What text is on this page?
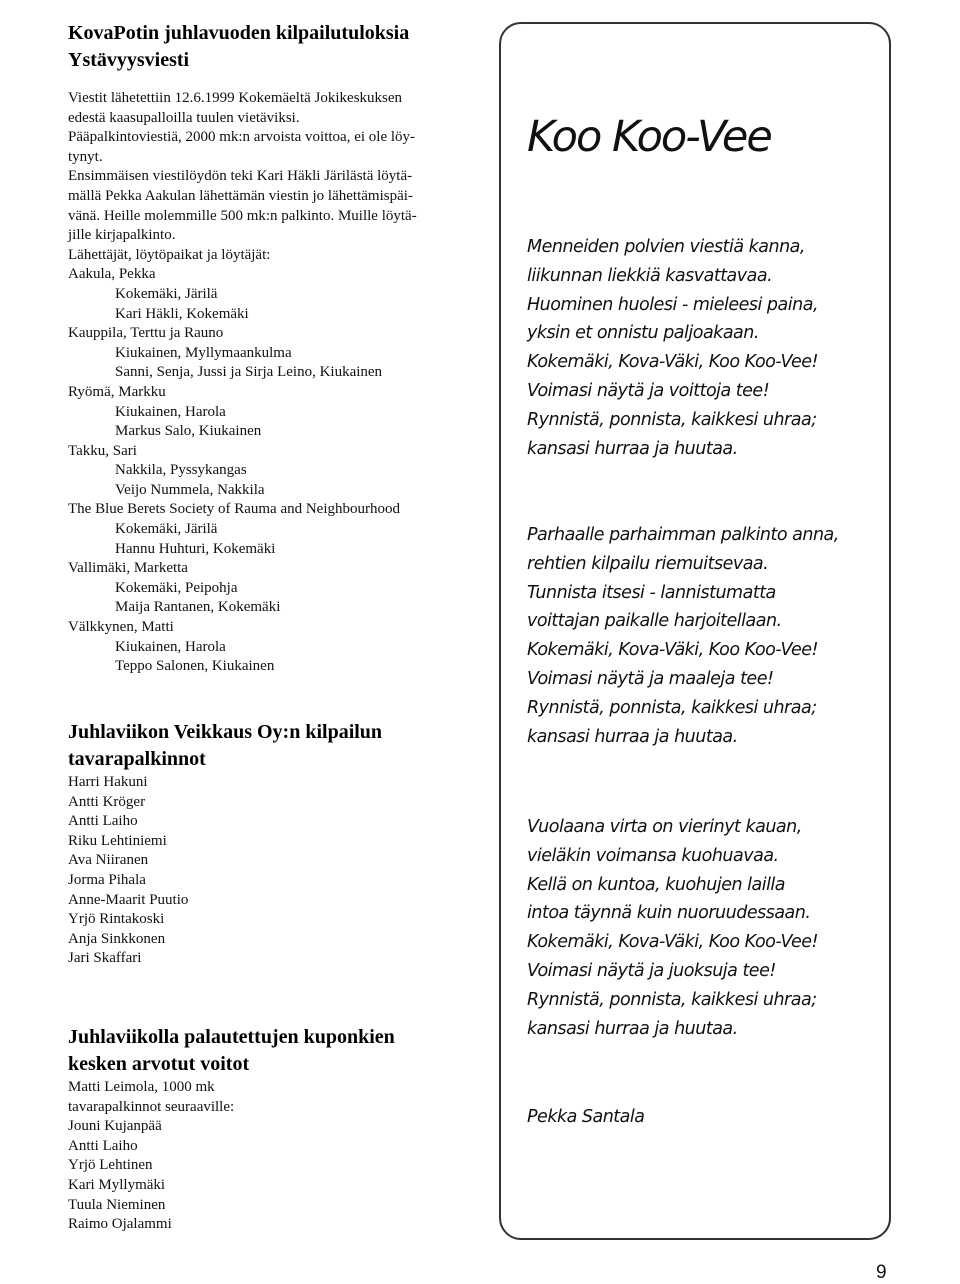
KovaPotin juhlavuoden kilpailutuloksia
Ystävyysviesti
Viestit lähetettiin 12.6.1999 Kokemäeltä Jokikeskuksen
edestä kaasupalloilla tuulen vietäviksi.
Pääpalkintoviestiä, 2000 mk:n arvoista voittoa, ei ole löy-
tynyt.
Ensimmäisen viestilöydön teki Kari Häkli Järilästä löytä-
mällä Pekka Aakulan lähettämän viestin jo lähettämispäi-
vänä. Heille molemmille 500 mk:n palkinto. Muille löytä-
jille kirjapalkinto.
Lähettäjät, löytöpaikat ja löytäjät:
Aakula, Pekka
Kokemäki, Järilä
Kari Häkli, Kokemäki
Kauppila, Terttu ja Rauno
Kiukainen, Myllymaankulma
Sanni, Senja, Jussi ja Sirja Leino, Kiukainen
Ryömä, Markku
Kiukainen, Harola
Markus Salo, Kiukainen
Takku, Sari
Nakkila, Pyssykangas
Veijo Nummela, Nakkila
The Blue Berets Society of Rauma and Neighbourhood
Kokemäki, Järilä
Hannu Huhturi, Kokemäki
Vallimäki, Marketta
Kokemäki, Peipohja
Maija Rantanen, Kokemäki
Välkkynen, Matti
Kiukainen, Harola
Teppo Salonen, Kiukainen
Juhlaviikon Veikkaus Oy:n kilpailun
tavarapalkinnot
Harri Hakuni
Antti Kröger
Antti Laiho
Riku Lehtiniemi
Ava Niiranen
Jorma Pihala
Anne-Maarit Puutio
Yrjö Rintakoski
Anja Sinkkonen
Jari Skaffari
Juhlaviikolla palautettujen kuponkien
kesken arvotut voitot
Matti Leimola, 1000 mk
tavarapalkinnot seuraaville:
Jouni Kujanpää
Antti Laiho
Yrjö Lehtinen
Kari Myllymäki
Tuula Nieminen
Raimo Ojalammi
Koo Koo-Vee
Menneiden polvien viestiä kanna,
liikunnan liekkiä kasvattavaa.
Huominen huolesi - mieleesi paina,
yksin et onnistu paljoakaan.
Kokemäki, Kova-Väki, Koo Koo-Vee!
Voimasi näytä ja voittoja tee!
Rynnistä, ponnista, kaikkesi uhraa;
kansasi hurraa ja huutaa.
Parhaalle parhaimman palkinto anna,
rehtien kilpailu riemuitsevaa.
Tunnista itsesi - lannistumatta
voittajan paikalle harjoitellaan.
Kokemäki, Kova-Väki, Koo Koo-Vee!
Voimasi näytä ja maaleja tee!
Rynnistä, ponnista, kaikkesi uhraa;
kansasi hurraa ja huutaa.
Vuolaana virta on vierinyt kauan,
vieläkin voimansa kuohuavaa.
Kellä on kuntoa, kuohujen lailla
intoa täynnä kuin nuoruudessaan.
Kokemäki, Kova-Väki, Koo Koo-Vee!
Voimasi näytä ja juoksuja tee!
Rynnistä, ponnista, kaikkesi uhraa;
kansasi hurraa ja huutaa.
Pekka Santala
9
